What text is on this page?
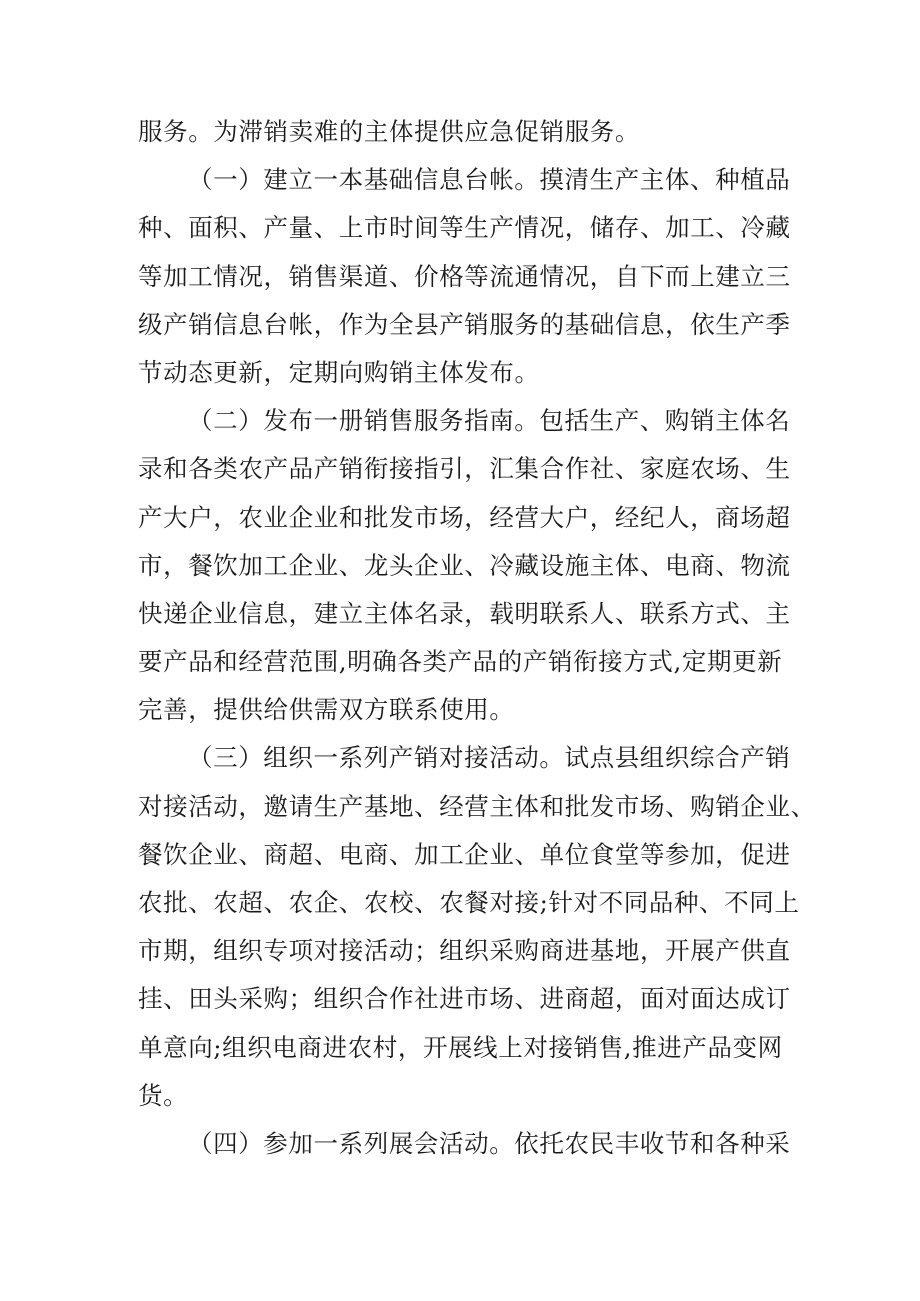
服务。为滞销卖难的主体提供应急促销服务。
（一）建立一本基础信息台帐。摸清生产主体、种植品
种、面积、产量、上市时间等生产情况，储存、加工、冷藏
等加工情况，销售渠道、价格等流通情况，自下而上建立三
级产销信息台帐，作为全县产销服务的基础信息，依生产季
节动态更新，定期向购销主体发布。
（二）发布一册销售服务指南。包括生产、购销主体名
录和各类农产品产销衔接指引，汇集合作社、家庭农场、生
产大户，农业企业和批发市场，经营大户，经纪人，商场超
市，餐饮加工企业、龙头企业、冷藏设施主体、电商、物流
快递企业信息，建立主体名录，载明联系人、联系方式、主
要产品和经营范围,明确各类产品的产销衔接方式,定期更新
完善，提供给供需双方联系使用。
（三）组织一系列产销对接活动。试点县组织综合产销
对接活动，邀请生产基地、经营主体和批发市场、购销企业、
餐饮企业、商超、电商、加工企业、单位食堂等参加，促进
农批、农超、农企、农校、农餐对接;针对不同品种、不同上
市期，组织专项对接活动；组织采购商进基地，开展产供直
挂、田头采购；组织合作社进市场、进商超，面对面达成订
单意向;组织电商进农村，开展线上对接销售,推进产品变网
货。
（四）参加一系列展会活动。依托农民丰收节和各种采
